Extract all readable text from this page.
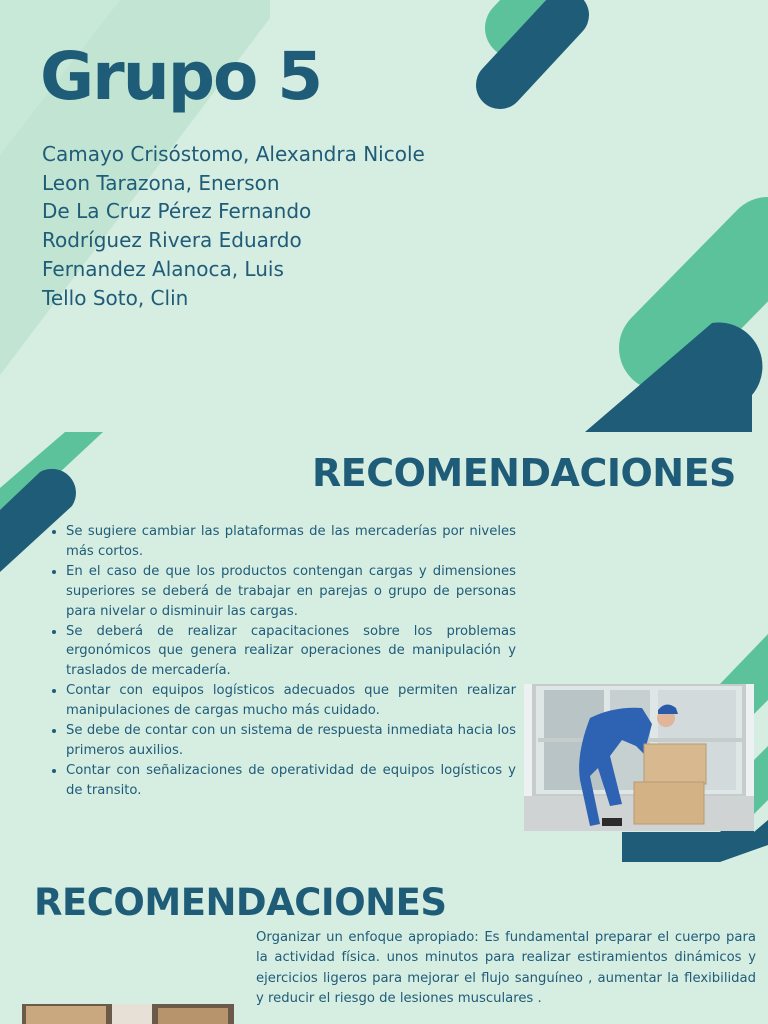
Grupo 5
Camayo Crisóstomo, Alexandra Nicole
Leon Tarazona, Enerson
De La Cruz Pérez Fernando
Rodríguez Rivera Eduardo
Fernandez Alanoca, Luis
Tello Soto, Clin
RECOMENDACIONES
• Se sugiere cambiar las plataformas de las mercaderías por niveles más cortos.
• En el caso de que los productos contengan cargas y dimensiones superiores se deberá de trabajar en parejas o grupo de personas para nivelar o disminuir las cargas.
• Se deberá de realizar capacitaciones sobre los problemas ergonómicos que genera realizar operaciones de manipulación y traslados de mercadería.
• Contar con equipos logísticos adecuados que permiten realizar manipulaciones de cargas mucho más cuidado.
• Se debe de contar con un sistema de respuesta inmediata hacia los primeros auxilios.
• Contar con señalizaciones de operatividad de equipos logísticos y de transito.
RECOMENDACIONES

Organizar un enfoque apropiado: Es fundamental preparar el cuerpo para la actividad física. unos minutos para realizar estiramientos dinámicos y ejercicios ligeros para mejorar el flujo sanguíneo , aumentar la flexibilidad y reducir el riesgo de lesiones musculares .
